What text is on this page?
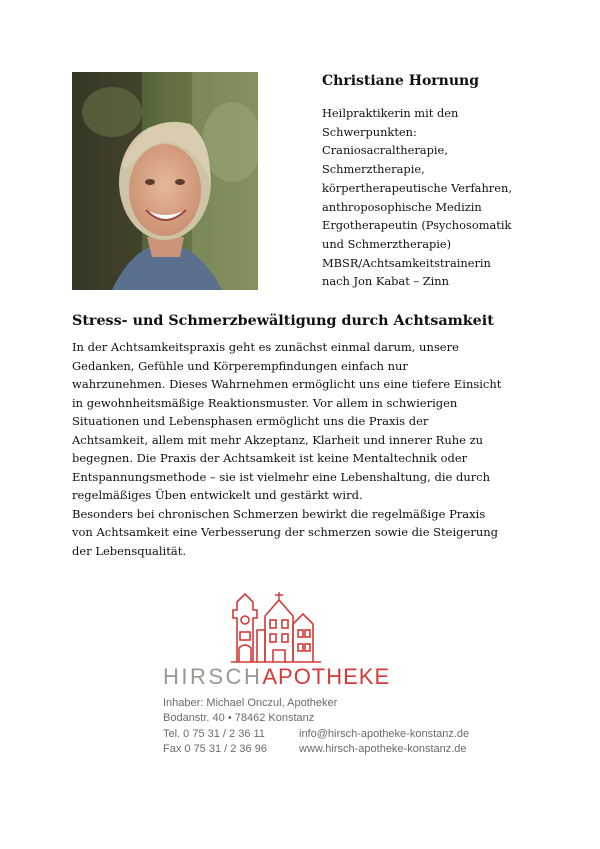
Christiane Hornung
Heilpraktikerin mit den
Schwerpunkten:
Craniosacraltherapie,
Schmerztherapie,
körpertherapeutische Verfahren,
anthroposophische Medizin
Ergotherapeutin (Psychosomatik
und Schmerztherapie)
MBSR/Achtsamkeitstrainerin
nach Jon Kabat – Zinn
Stress- und Schmerzbewältigung durch Achtsamkeit
In der Achtsamkeitspraxis geht es zunächst einmal darum, unsere
Gedanken, Gefühle und Körperempfindungen einfach nur
wahrzunehmen. Dieses Wahrnehmen ermöglicht uns eine tiefere Einsicht
in gewohnheitsmäßige Reaktionsmuster. Vor allem in schwierigen
Situationen und Lebensphasen ermöglicht uns die Praxis der
Achtsamkeit, allem mit mehr Akzeptanz, Klarheit und innerer Ruhe zu
begegnen. Die Praxis der Achtsamkeit ist keine Mentaltechnik oder
Entspannungsmethode – sie ist vielmehr eine Lebenshaltung, die durch
regelmäßiges Üben entwickelt und gestärkt wird.
Besonders bei chronischen Schmerzen bewirkt die regelmäßige Praxis
von Achtsamkeit eine Verbesserung der schmerzen sowie die Steigerung
der Lebensqualität.
HIRSCHAPOTHEKE
Inhaber: Michael Onczul, Apotheker
Bodanstr. 40 • 78462 Konstanz
Tel. 0 75 31 / 2 36 11
Fax 0 75 31 / 2 36 96
info@hirsch-apotheke-konstanz.de
www.hirsch-apotheke-konstanz.de
